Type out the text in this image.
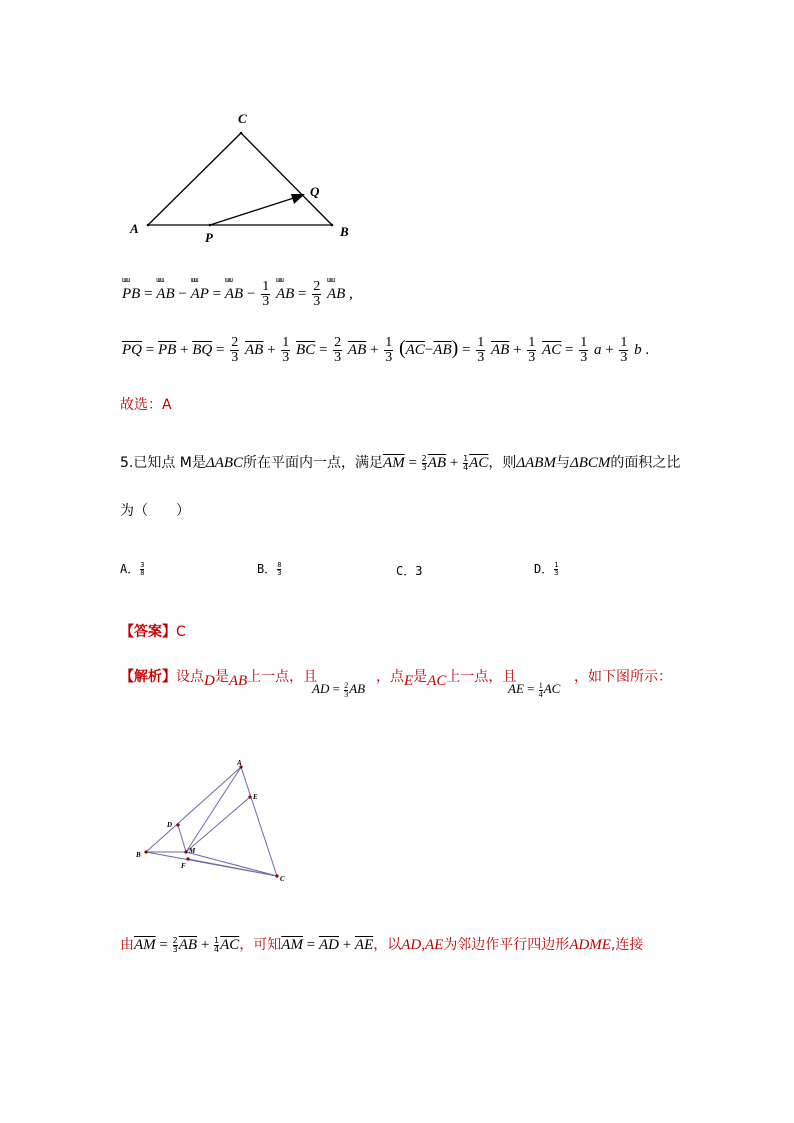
A	B
C
P
Q
ɯɯ
PB =
ɯɯ
AB −
ɯɯ
AP =
ɯɯ
AB − $\frac{1}{3}$

ɯɯ
AB = $\frac{2}{3}$

ɯɯ
AB ,
$\overline{PQ} = \overline{PB} + \overline{BQ} = \frac{2}{3} \overline{AB} + \frac{1}{3} \overline{BC} = \frac{2}{3} \overline{AB} + \frac{1}{3} (\overline{AC}-\overline{AB}) = \frac{1}{3} \overline{AB} + \frac{1}{3} \overline{AC} = \frac{1}{3}$ $a + \frac{1}{3}$ b .
故选：A
5.已知点 M是ΔABC所在平面内一点，满足$\overline{AM} = \frac{2}{3} \overline{AB} + \frac{1}{4} \overline{AC}$，则ΔABM与ΔBCM的面积之比
为（　　）
A． $\frac{3}{8}$	B． $\frac{8}{3}$	C．3	D． $\frac{1}{3}$
【答案】C
【解析】设点D是AB上一点，且
AD = $\frac{2}{3}$ AB
，点E是AC上一点，且
AE = $\frac{1}{4}$ AC
，如下图所示：
A
B
C
D
E
M
F
由$\overline{AM} = \frac{2}{3} \overline{AB} + \frac{1}{4} \overline{AC}$，可知$\overline{AM} = \overline{AD} + \overline{AE}$，以AD,AE为邻边作平行四边形ADME,连接
